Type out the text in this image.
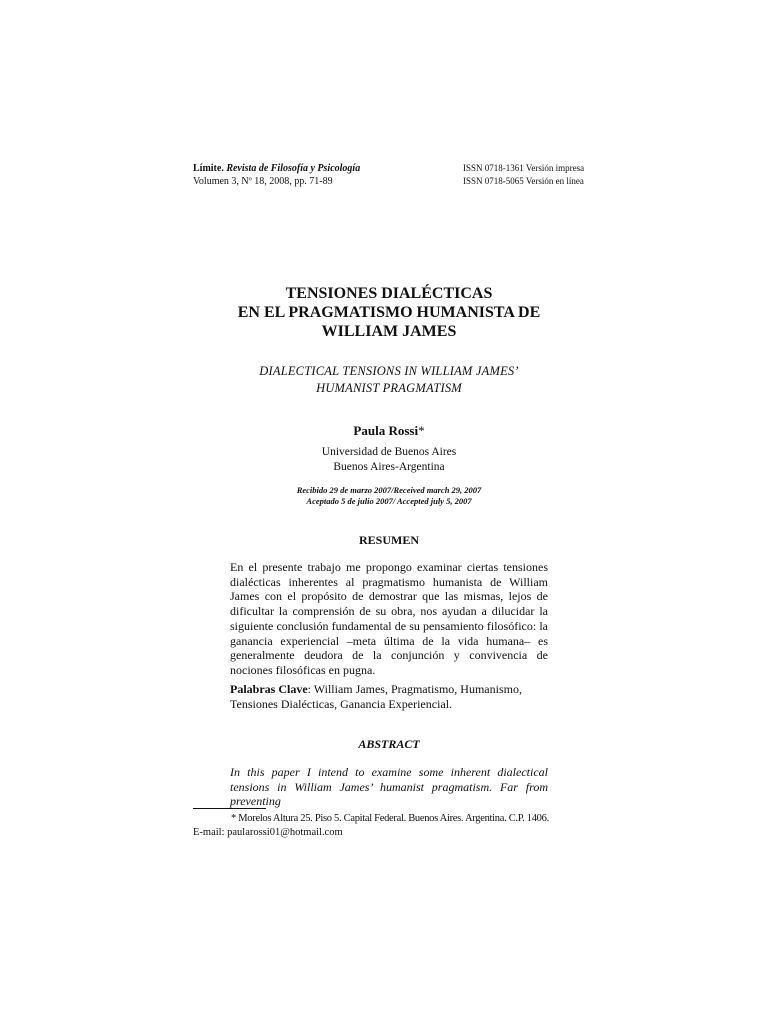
Límite. Revista de Filosofía y Psicología
Volumen 3, Nº 18, 2008, pp. 71-89
ISSN 0718-1361 Versión impresa
ISSN 0718-5065 Versión en línea
TENSIONES DIALÉCTICAS
EN EL PRAGMATISMO HUMANISTA DE
WILLIAM JAMES
DIALECTICAL TENSIONS IN WILLIAM JAMES’
HUMANIST PRAGMATISM
Paula Rossi*
Universidad de Buenos Aires
Buenos Aires-Argentina
Recibido 29 de marzo 2007/Received march 29, 2007
Aceptado 5 de julio 2007/ Accepted july 5, 2007
RESUMEN
En el presente trabajo me propongo examinar ciertas tensiones dialécticas inherentes al pragmatismo humanista de William James con el propósito de demostrar que las mismas, lejos de dificultar la comprensión de su obra, nos ayudan a dilucidar la siguiente conclusión fundamental de su pensamiento filosófico: la ganancia experiencial –meta última de la vida humana– es generalmente deudora de la conjunción y convivencia de nociones filosóficas en pugna.
Palabras Clave: William James, Pragmatismo, Humanismo, Tensiones Dialécticas, Ganancia Experiencial.
ABSTRACT
In this paper I intend to examine some inherent dialectical tensions in William James’ humanist pragmatism. Far from preventing
* Morelos Altura 25. Piso 5. Capital Federal. Buenos Aires. Argentina. C.P. 1406.
E-mail: paularossi01@hotmail.com
